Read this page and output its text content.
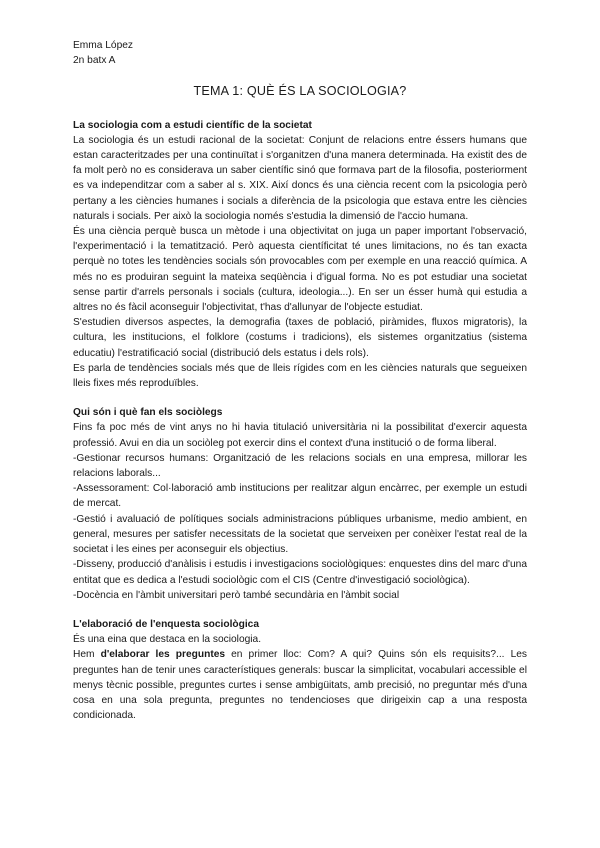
Emma López
2n batx A
TEMA 1: QUÈ ÉS LA SOCIOLOGIA?
La sociologia com a estudi científic de la societat

La sociologia és un estudi racional de la societat: Conjunt de relacions entre éssers humans que estan caracteritzades per una continuïtat i s'organitzen d'una manera determinada. Ha existit des de fa molt però no es considerava un saber científic sinó que formava part de la filosofia, posteriorment es va independitzar com a saber al s. XIX. Així doncs és una ciència recent com la psicologia però pertany a les ciències humanes i socials a diferència de la psicologia que estava entre les ciències naturals i socials. Per això la sociologia només s'estudia la dimensió de l'accio humana.

És una ciència perquè busca un mètode i una objectivitat on juga un paper important l'observació, l'experimentació i la tematització. Però aquesta científicitat té unes limitacions, no és tan exacta perquè no totes les tendències socials són provocables com per exemple en una reacció química. A més no es produiran seguint la mateixa seqüència i d'igual forma. No es pot estudiar una societat sense partir d'arrels personals i socials (cultura, ideologia...). En ser un ésser humà qui estudia a altres no és fàcil aconseguir l'objectivitat, t'has d'allunyar de l'objecte estudiat.

S'estudien diversos aspectes, la demografia (taxes de població, piràmides, fluxos migratoris), la cultura, les institucions, el folklore (costums i tradicions), els sistemes organitzatius (sistema educatiu) l'estratificació social (distribució dels estatus i dels rols).

Es parla de tendències socials més que de lleis rígides com en les ciències naturals que segueixen lleis fixes més reproduïbles.

Qui són i què fan els sociòlegs

Fins fa poc més de vint anys no hi havia titulació universitària ni la possibilitat d'exercir aquesta professió. Avui en dia un sociòleg pot exercir dins el context d'una institució o de forma liberal.

-Gestionar recursos humans: Organització de les relacions socials en una empresa, millorar les relacions laborals...

-Assessorament: Col·laboració amb institucions per realitzar algun encàrrec, per exemple un estudi de mercat.

-Gestió i avaluació de polítiques socials administracions públiques urbanisme, medio ambient, en general, mesures per satisfer necessitats de la societat que serveixen per conèixer l'estat real de la societat i les eines per aconseguir els objectius.

-Disseny, producció d'anàlisis i estudis i investigacions sociològiques: enquestes dins del marc d'una entitat que es dedica a l'estudi sociològic com el CIS (Centre d'investigació sociològica).

-Docència en l'àmbit universitari però també secundària en l'àmbit social

L'elaboració de l'enquesta sociològica

És una eina que destaca en la sociologia.

Hem d'elaborar les preguntes en primer lloc: Com? A qui? Quins són els requisits?... Les preguntes han de tenir unes característiques generals: buscar la simplicitat, vocabulari accessible el menys tècnic possible, preguntes curtes i sense ambigüitats, amb precisió, no preguntar més d'una cosa en una sola pregunta, preguntes no tendencioses que dirigeixin cap a una resposta condicionada.
